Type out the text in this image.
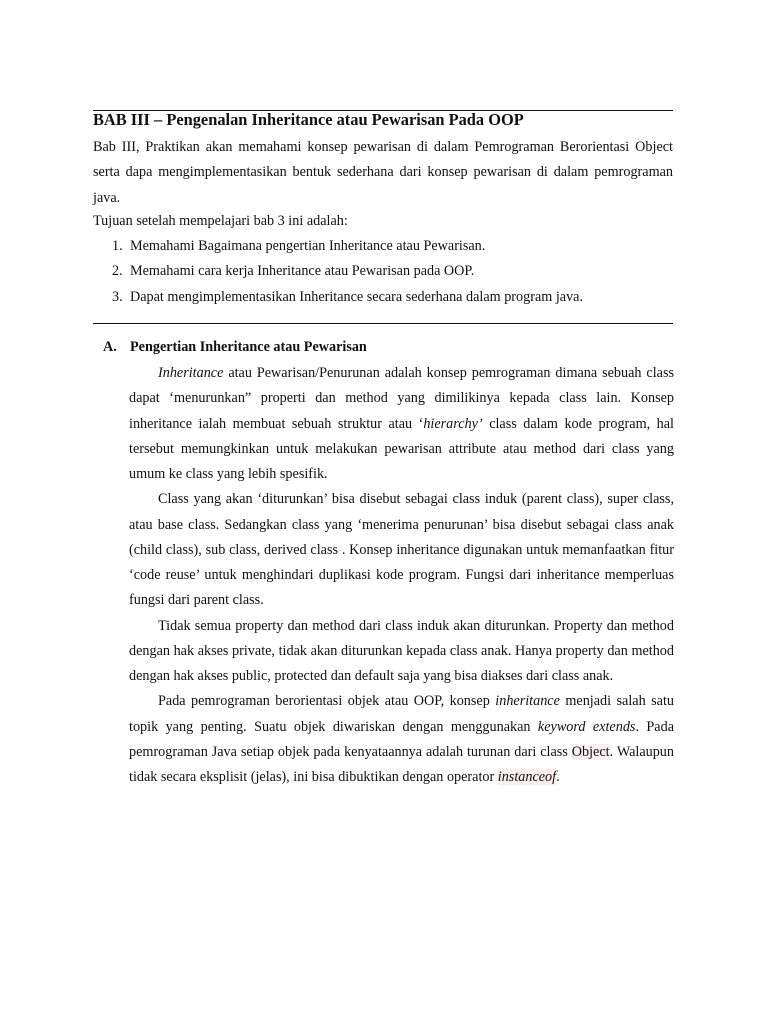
BAB III – Pengenalan Inheritance atau Pewarisan Pada OOP

Bab III, Praktikan akan memahami konsep pewarisan di dalam Pemrograman Berorientasi Object serta dapa mengimplementasikan bentuk sederhana dari konsep pewarisan di dalam pemrograman java.

Tujuan setelah mempelajari bab 3 ini adalah:
1. Memahami Bagaimana pengertian Inheritance atau Pewarisan.
2. Memahami cara kerja Inheritance atau Pewarisan pada OOP.
3. Dapat mengimplementasikan Inheritance secara sederhana dalam program java.
A. Pengertian Inheritance atau Pewarisan

Inheritance atau Pewarisan/Penurunan adalah konsep pemrograman dimana sebuah class dapat ‘menurunkan” properti dan method yang dimilikinya kepada class lain. Konsep inheritance ialah membuat sebuah struktur atau ‘hierarchy’ class dalam kode program, hal tersebut memungkinkan untuk melakukan pewarisan attribute atau method dari class yang umum ke class yang lebih spesifik.

Class yang akan ‘diturunkan’ bisa disebut sebagai class induk (parent class), super class, atau base class. Sedangkan class yang ‘menerima penurunan’ bisa disebut sebagai class anak (child class), sub class, derived class . Konsep inheritance digunakan untuk memanfaatkan fitur ‘code reuse’ untuk menghindari duplikasi kode program. Fungsi dari inheritance memperluas fungsi dari parent class.

Tidak semua property dan method dari class induk akan diturunkan. Property dan method dengan hak akses private, tidak akan diturunkan kepada class anak. Hanya property dan method dengan hak akses public, protected dan default saja yang bisa diakses dari class anak.

Pada pemrograman berorientasi objek atau OOP, konsep inheritance menjadi salah satu topik yang penting. Suatu objek diwariskan dengan menggunakan keyword extends. Pada pemrograman Java setiap objek pada kenyataannya adalah turunan dari class Object. Walaupun tidak secara eksplisit (jelas), ini bisa dibuktikan dengan operator instanceof.
